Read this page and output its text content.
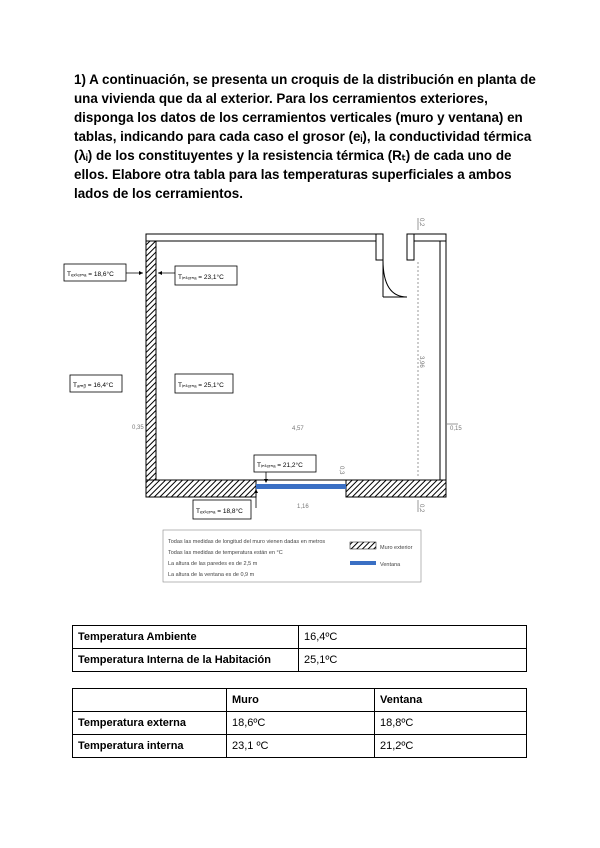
1) A continuación, se presenta un croquis de la distribución en planta de
una vivienda que da al exterior. Para los cerramientos exteriores,
disponga los datos de los cerramientos verticales (muro y ventana) en
tablas, indicando para cada caso el grosor (eᵢ), la conductividad térmica
(λᵢ) de los constituyentes y la resistencia térmica (Rₜ) de cada uno de
ellos. Elabore otra tabla para las temperaturas superficiales a ambos
lados de los cerramientos.
4,57
1,16
3,96
0,35	0,15
0,2
0,2
0,3
Tₑₓₜₑᵣₙₐ = 18,6°C	Tᵢₙₜₑᵣₙₐ = 23,1°C
Tₐₘᵦ = 16,4°C	Tᵢₙₜₑᵣₙₐ = 25,1°C
Tᵢₙₜₑᵣₙₐ = 21,2°C
Tₑₓₜₑᵣₙₐ = 18,8°C
Todas las medidas de longitud del muro vienen dadas en metros
Todas las medidas de temperatura están en °C
La altura de las paredes es de 2,5 m
La altura de la ventana es de 0,9 m
Muro exterior
Ventana
Temperatura Ambiente	16,4ºC
Temperatura Interna de la Habitación	25,1ºC
	Muro	Ventana
Temperatura externa	18,6ºC	18,8ºC
Temperatura interna	23,1 ºC	21,2ºC
